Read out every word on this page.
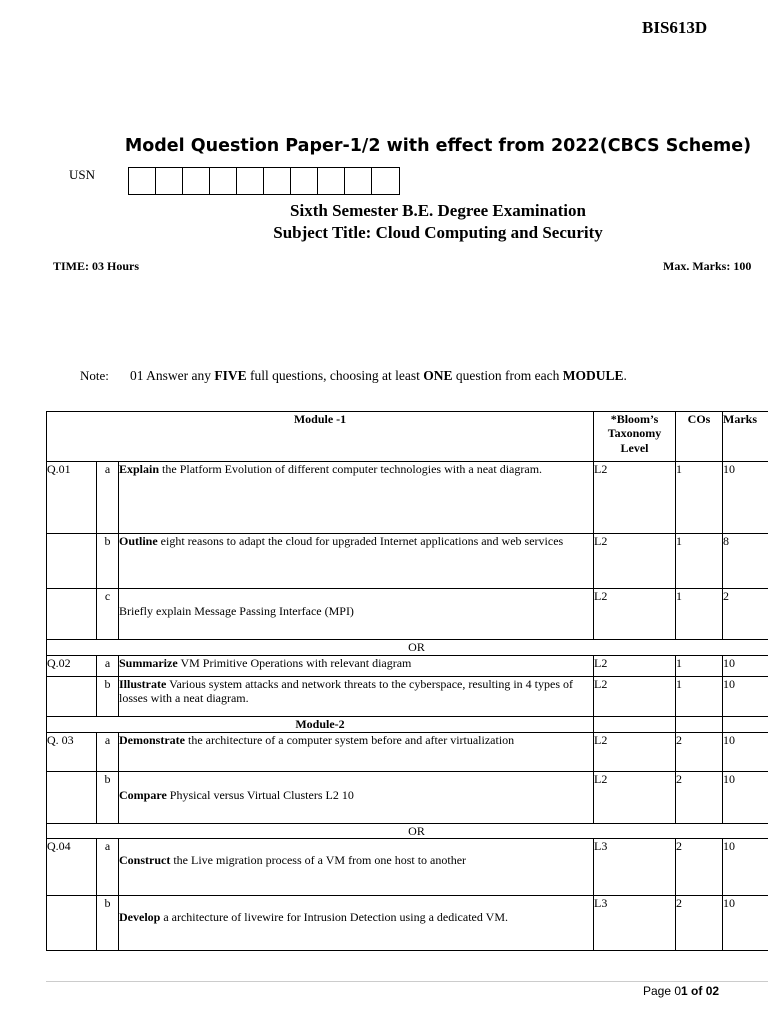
BIS613D
Model Question Paper-1/2 with effect from 2022(CBCS Scheme)
USN
Sixth Semester B.E. Degree Examination
Subject Title: Cloud Computing and Security
TIME: 03 Hours	Max. Marks: 100
Note: 01 Answer any FIVE full questions, choosing at least ONE question from each MODULE.
Module -1			*Bloom’s Taxonomy Level	COs	Marks
Q.01	a	Explain the Platform Evolution of different computer technologies with a neat diagram.	L2	1	10
	b	Outline eight reasons to adapt the cloud for upgraded Internet applications and web services	L2	1	8
	c	Briefly explain Message Passing Interface (MPI)	L2	1	2
OR					
Q.02	a	Summarize VM Primitive Operations with relevant diagram	L2	1	10
	b	Illustrate Various system attacks and network threats to the cyberspace, resulting in 4 types of losses with a neat diagram.	L2	1	10
Module-2					
Q. 03	a	Demonstrate the architecture of a computer system before and after virtualization	L2	2	10
	b	Compare Physical versus Virtual Clusters L2 10	L2	2	10
OR					
Q.04	a	Construct the Live migration process of a VM from one host to another	L3	2	10
	b	Develop a architecture of livewire for Intrusion Detection using a dedicated VM.	L3	2	10
Page 01 of 02
